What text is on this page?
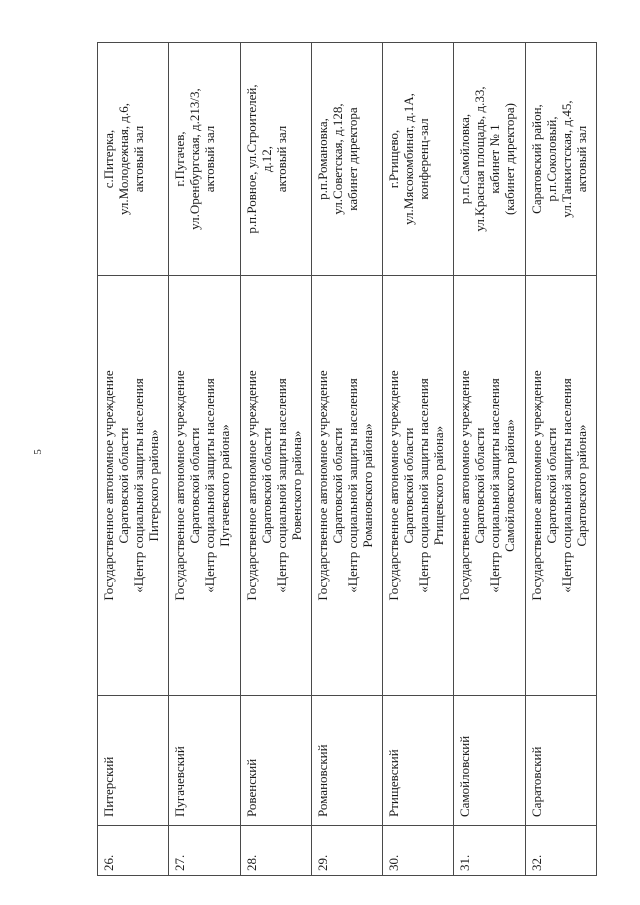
5
26.	Питерский	Государственное автономное учреждение Саратовской области «Центр социальной защиты населения Питерского района»	с.Питерка, ул.Молодежная, д.6, актовый зал

27.	Пугачевский	Государственное автономное учреждение Саратовской области «Центр социальной защиты населения Пугачевского района»	г.Пугачев, ул.Оренбургская, д.213/3, актовый зал

28.	Ровенский	Государственное автономное учреждение Саратовской области «Центр социальной защиты населения Ровенского района»	р.п.Ровное, ул.Строителей, д.12, актовый зал

29.	Романовский	Государственное автономное учреждение Саратовской области «Центр социальной защиты населения Романовского района»	р.п.Романовка, ул.Советская, д.128, кабинет директора

30.	Ртищевский	Государственное автономное учреждение Саратовской области «Центр социальной защиты населения Ртищевского района»	г.Ртищево, ул.Мясокомбинат, д.1А, конференц-зал

31.	Самойловский	Государственное автономное учреждение Саратовской области «Центр социальной защиты населения Самойловского района»	р.п.Самойловка, ул.Красная площадь, д.33, кабинет № 1 (кабинет директора)

32.	Саратовский	Государственное автономное учреждение Саратовской области «Центр социальной защиты населения Саратовского района»	Саратовский район, р.п.Соколовый, ул.Танкистская, д.45, актовый зал
